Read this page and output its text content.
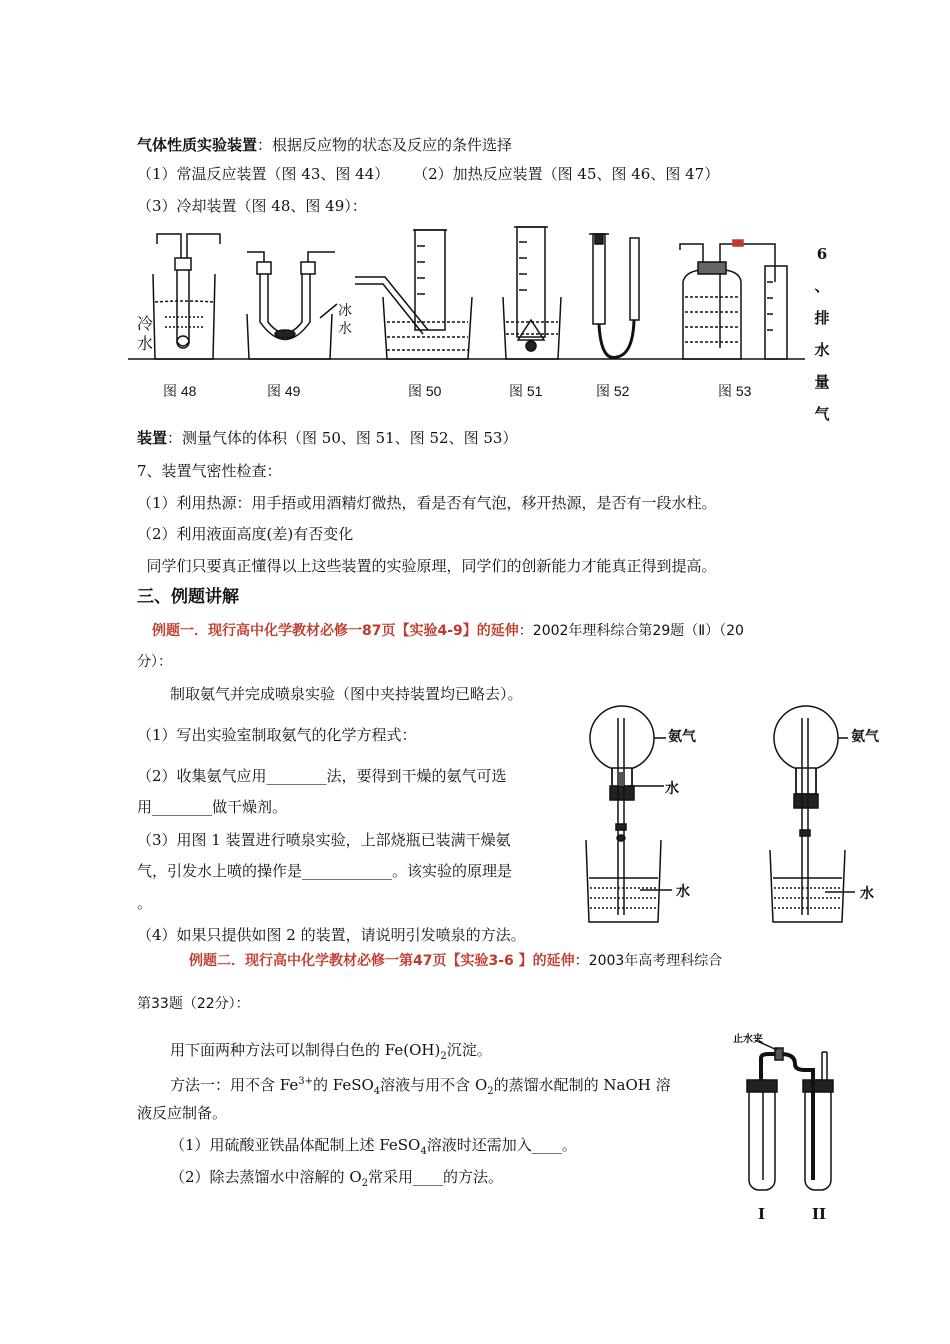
气体性质实验装置：根据反应物的状态及反应的条件选择
（1）常温反应装置（图 43、图 44）     （2）加热反应装置（图 45、图 46、图 47）
（3）冷却装置（图 48、图 49）：
冷
水
冰
水
图 48	图 49	图 50	图 51	图 52	图 53
6
、
排
水
量
气
装置：测量气体的体积（图 50、图 51、图 52、图 53）
7、装置气密性检查：
（1）利用热源：用手捂或用酒精灯微热，看是否有气泡，移开热源，是否有一段水柱。
（2）利用液面高度(差)有否变化
同学们只要真正懂得以上这些装置的实验原理，同学们的创新能力才能真正得到提高。
三、例题讲解
例题一．现行高中化学教材必修一87页【实验4-9】的延伸：2002年理科综合第29题（Ⅱ）（20
分）：
制取氨气并完成喷泉实验（图中夹持装置均已略去）。
（1）写出实验室制取氨气的化学方程式：
（2）收集氨气应用________法，要得到干燥的氨气可选
用________做干燥剂。
（3）用图 1 装置进行喷泉实验，上部烧瓶已装满干燥氨
气，引发水上喷的操作是____________。该实验的原理是
。
（4）如果只提供如图 2 的装置，请说明引发喷泉的方法。
氨气
水
水
氨气
水
例题二．现行高中化学教材必修一第47页【实验3-6 】的延伸：2003年高考理科综合
第33题（22分）：
用下面两种方法可以制得白色的 $Fe(OH)_2$沉淀。
方法一：用不含 $Fe^{3+}$的 FeSO$_4$溶液与用不含 $O_2$的蒸馏水配制的 NaOH 溶
液反应制备。
（1）用硫酸亚铁晶体配制上述 FeSO$_4$溶液时还需加入____。
（2）除去蒸馏水中溶解的 $O_2$常采用____的方法。
止水夹
I	II
